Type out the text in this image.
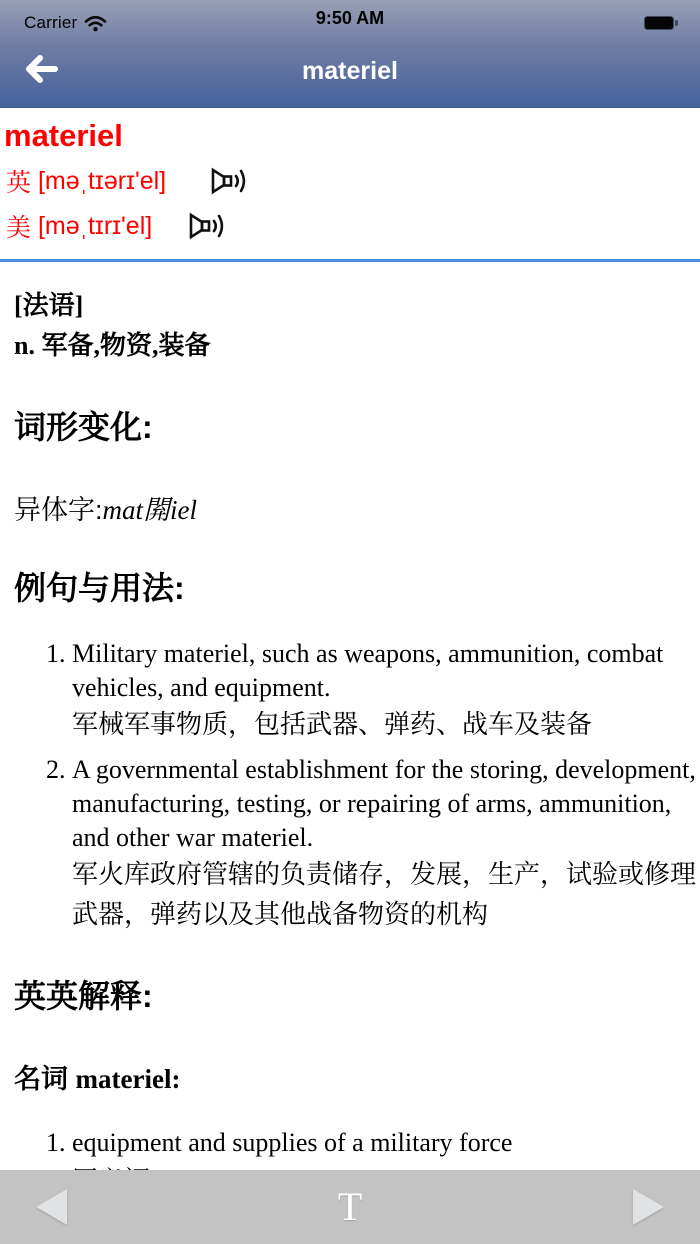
Carrier	9:50 AM
materiel
materiel
英
[məˌtɪərɪ'el]
美
[məˌtɪrɪ'el]
[法语]
n. 军备,物资,装备
词形变化:
异体字:mat閞iel
例句与用法:
1. Military materiel, such as weapons, ammunition, combat vehicles, and equipment.
军械军事物质，包括武器、弹药、战车及装备
2. A governmental establishment for the storing, development, manufacturing, testing, or repairing of arms, ammunition, and other war materiel.
军火库政府管辖的负责储存，发展，生产，试验或修理武器，弹药以及其他战备物资的机构
英英解释:
名词 materiel:
1. equipment and supplies of a military force
T
